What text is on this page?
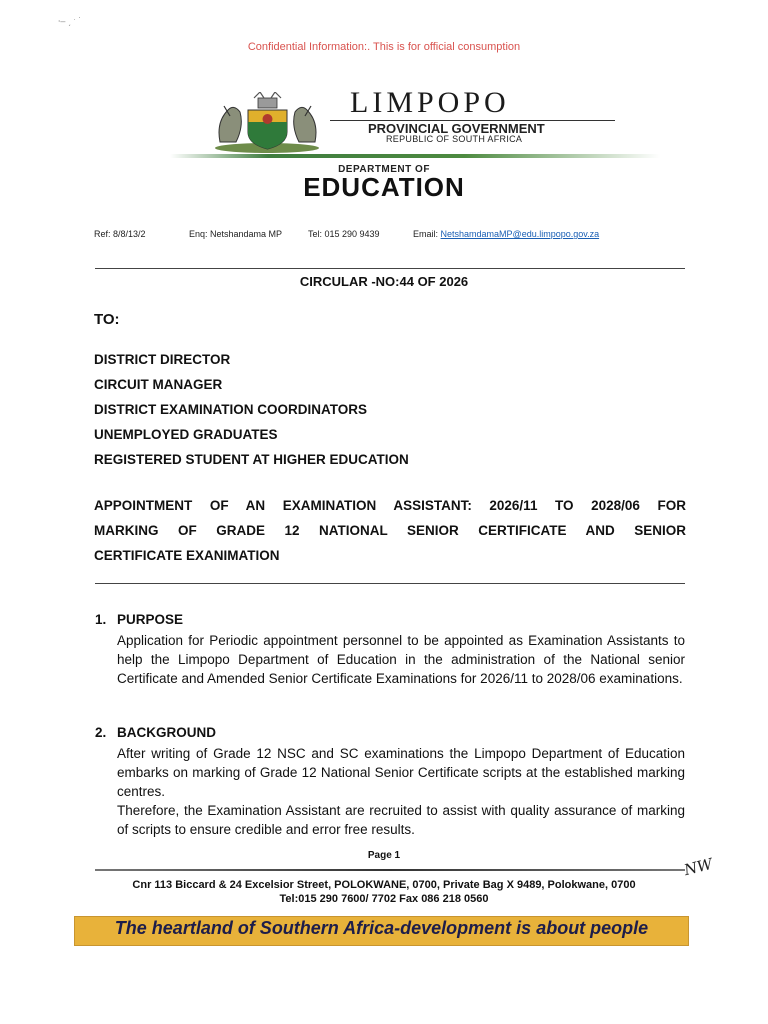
⸱‒ ˏ ˑ ˙
Confidential Information:. This is for official consumption
LIMPOPO
PROVINCIAL GOVERNMENT
REPUBLIC OF SOUTH AFRICA
DEPARTMENT OF
EDUCATION
Ref: 8/8/13/2	Enq: Netshandama MP	Tel: 015 290 9439	Email: NetshamdamaMP@edu.limpopo.gov.za
CIRCULAR -NO:44 OF 2026
TO:
DISTRICT DIRECTOR
CIRCUIT MANAGER
DISTRICT EXAMINATION COORDINATORS
UNEMPLOYED GRADUATES
REGISTERED STUDENT AT HIGHER EDUCATION
APPOINTMENT OF AN EXAMINATION ASSISTANT: 2026/11 TO 2028/06 FOR
MARKING OF GRADE 12 NATIONAL SENIOR CERTIFICATE AND SENIOR
CERTIFICATE EXANIMATION
1. PURPOSE
Application for Periodic appointment personnel to be appointed as Examination Assistants to help the Limpopo Department of Education in the administration of the National senior Certificate and Amended Senior Certificate Examinations for 2026/11 to 2028/06 examinations.
2. BACKGROUND
After writing of Grade 12 NSC and SC examinations the Limpopo Department of Education embarks on marking of Grade 12 National Senior Certificate scripts at the established marking centres.
Therefore, the Examination Assistant are recruited to assist with quality assurance of marking of scripts to ensure credible and error free results.
Page 1	NW
Cnr 113 Biccard & 24 Excelsior Street, POLOKWANE, 0700, Private Bag X 9489, Polokwane, 0700
Tel:015 290 7600/ 7702 Fax 086 218 0560
The heartland of Southern Africa-development is about people
